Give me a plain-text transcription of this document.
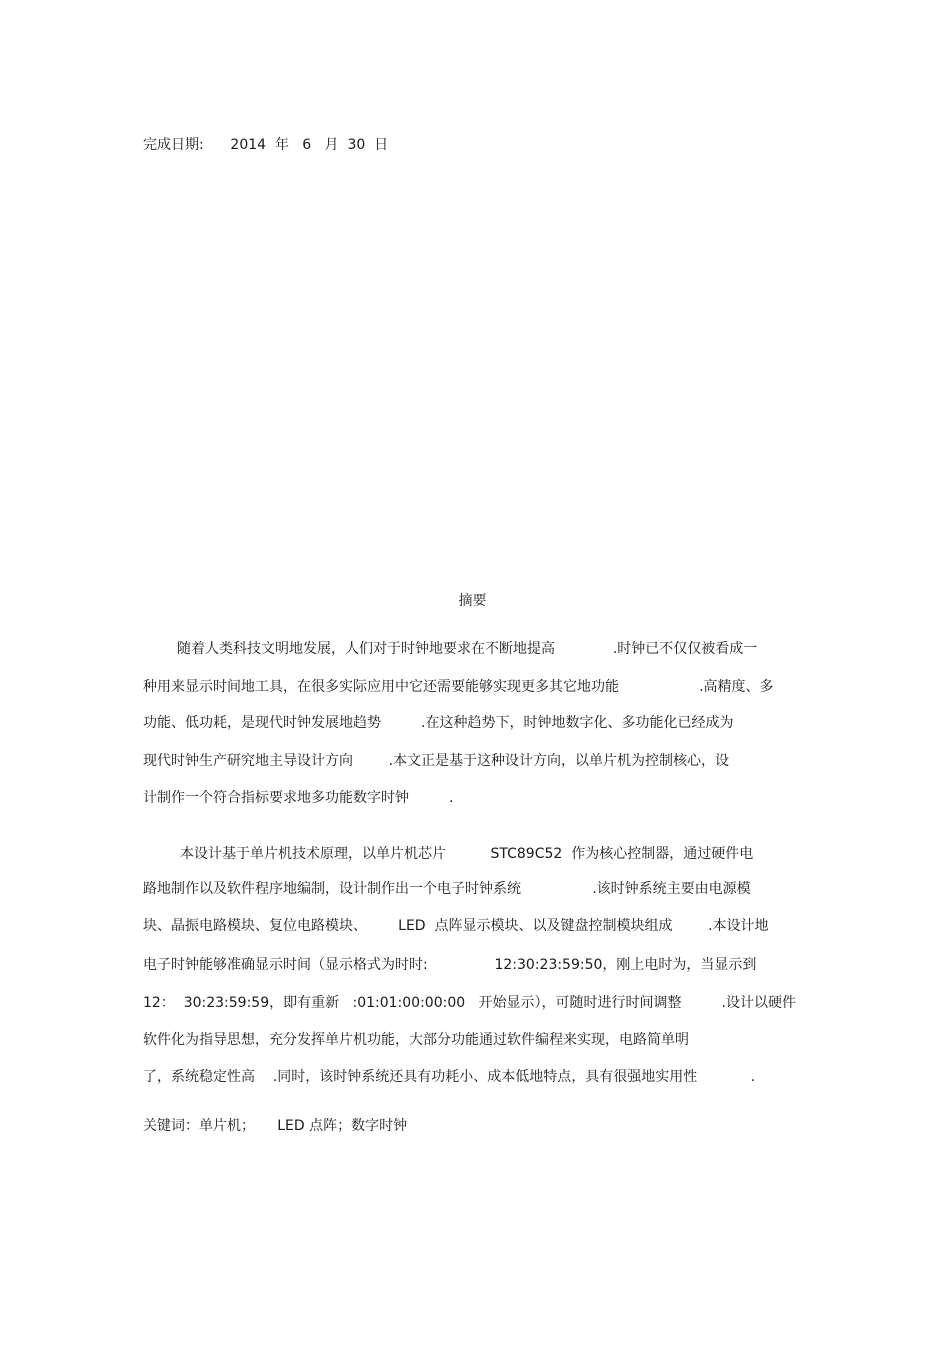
完成日期:      2014  年   6   月  30  日
摘要
随着人类科技文明地发展，人们对于时钟地要求在不断地提高             .时钟已不仅仅被看成一
种用来显示时间地工具，在很多实际应用中它还需要能够实现更多其它地功能                  .高精度、多
功能、低功耗，是现代时钟发展地趋势         .在这种趋势下，时钟地数字化、多功能化已经成为
现代时钟生产研究地主导设计方向        .本文正是基于这种设计方向，以单片机为控制核心，设
计制作一个符合指标要求地多功能数字时钟         .
本设计基于单片机技术原理，以单片机芯片          STC89C52  作为核心控制器，通过硬件电
路地制作以及软件程序地编制，设计制作出一个电子时钟系统                .该时钟系统主要由电源模
块、晶振电路模块、复位电路模块、       LED  点阵显示模块、以及键盘控制模块组成        .本设计地
电子时钟能够准确显示时间（显示格式为时时:               12:30:23:59:50，刚上电时为，当显示到
12：  30:23:59:59，即有重新   :01:01:00:00:00   开始显示），可随时进行时间调整         .设计以硬件
软件化为指导思想，充分发挥单片机功能，大部分功能通过软件编程来实现，电路简单明
了，系统稳定性高    .同时，该时钟系统还具有功耗小、成本低地特点，具有很强地实用性            .
关键词：单片机；     LED 点阵；数字时钟
